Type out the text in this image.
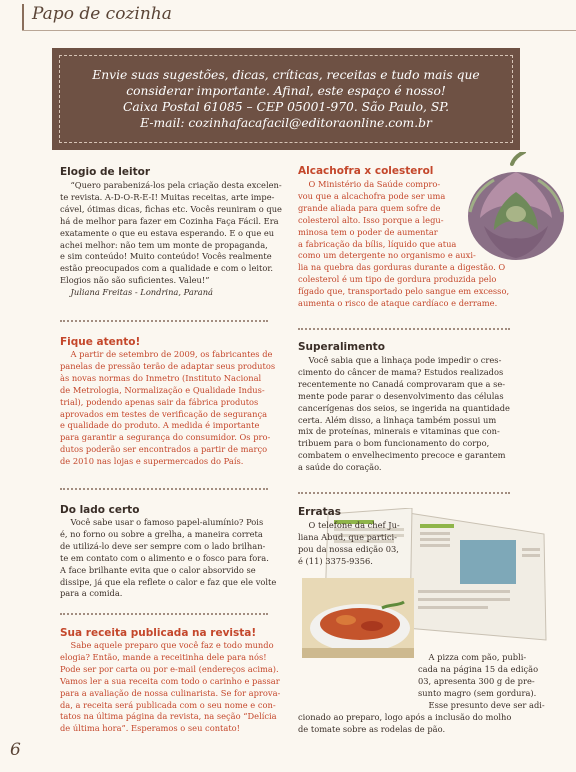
Papo de cozinha
Envie suas sugestões, dicas, críticas, receitas e tudo mais que
considerar importante. Afinal, este espaço é nosso!
Caixa Postal 61085 – CEP 05001-970. São Paulo, SP.
E-mail: cozinhafacafacil@editoraonline.com.br
Elogio de leitor
“Quero parabenizá-los pela criação desta excelen-
te revista. A-D-O-R-E-I! Muitas receitas, arte impe-
cável, ótimas dicas, fichas etc. Vocês reuniram o que
há de melhor para fazer em Cozinha Faça Fácil. Era
exatamente o que eu estava esperando. E o que eu
achei melhor: não tem um monte de propaganda,
e sim conteúdo! Muito conteúdo! Vocês realmente
estão preocupados com a qualidade e com o leitor.
Elogios não são suficientes. Valeu!”
Juliana Freitas - Londrina, Paraná
Fique atento!
A partir de setembro de 2009, os fabricantes de
panelas de pressão terão de adaptar seus produtos
às novas normas do Inmetro (Instituto Nacional
de Metrologia, Normalização e Qualidade Indus-
trial), podendo apenas sair da fábrica produtos
aprovados em testes de verificação de segurança
e qualidade do produto. A medida é importante
para garantir a segurança do consumidor. Os pro-
dutos poderão ser encontrados a partir de março
de 2010 nas lojas e supermercados do País.
Do lado certo
Você sabe usar o famoso papel-alumínio? Pois
é, no forno ou sobre a grelha, a maneira correta
de utilizá-lo deve ser sempre com o lado brilhan-
te em contato com o alimento e o fosco para fora.
A face brilhante evita que o calor absorvido se
dissipe, já que ela reflete o calor e faz que ele volte
para a comida.
Sua receita publicada na revista!
Sabe aquele preparo que você faz e todo mundo
elogia? Então, mande a receitinha dele para nós!
Pode ser por carta ou por e-mail (endereços acima).
Vamos ler a sua receita com todo o carinho e passar
para a avaliação de nossa culinarista. Se for aprova-
da, a receita será publicada com o seu nome e con-
tatos na última página da revista, na seção “Delícia
de última hora”. Esperamos o seu contato!
Alcachofra x colesterol
O Ministério da Saúde compro-
vou que a alcachofra pode ser uma
grande aliada para quem sofre de
colesterol alto. Isso porque a legu-
minosa tem o poder de aumentar
a fabricação da bílis, líquido que atua
como um detergente no organismo e auxi-
lia na quebra das gorduras durante a digestão. O
colesterol é um tipo de gordura produzida pelo
fígado que, transportado pelo sangue em excesso,
aumenta o risco de ataque cardíaco e derrame.
Superalimento
Você sabia que a linhaça pode impedir o cres-
cimento do câncer de mama? Estudos realizados
recentemente no Canadá comprovaram que a se-
mente pode parar o desenvolvimento das células
cancerígenas dos seios, se ingerida na quantidade
certa. Além disso, a linhaça também possui um
mix de proteínas, minerais e vitaminas que con-
tribuem para o bom funcionamento do corpo,
combatem o envelhecimento precoce e garantem
a saúde do coração.
Erratas
O telefone da chef Ju-
liana Abud, que partici-
pou da nossa edição 03,
é (11) 3375-9356.
A pizza com pão, publi-
cada na página 15 da edição
03, apresenta 300 g de pre-
sunto magro (sem gordura).
Esse presunto deve ser adi-
cionado ao preparo, logo após a inclusão do molho
de tomate sobre as rodelas de pão.
6
